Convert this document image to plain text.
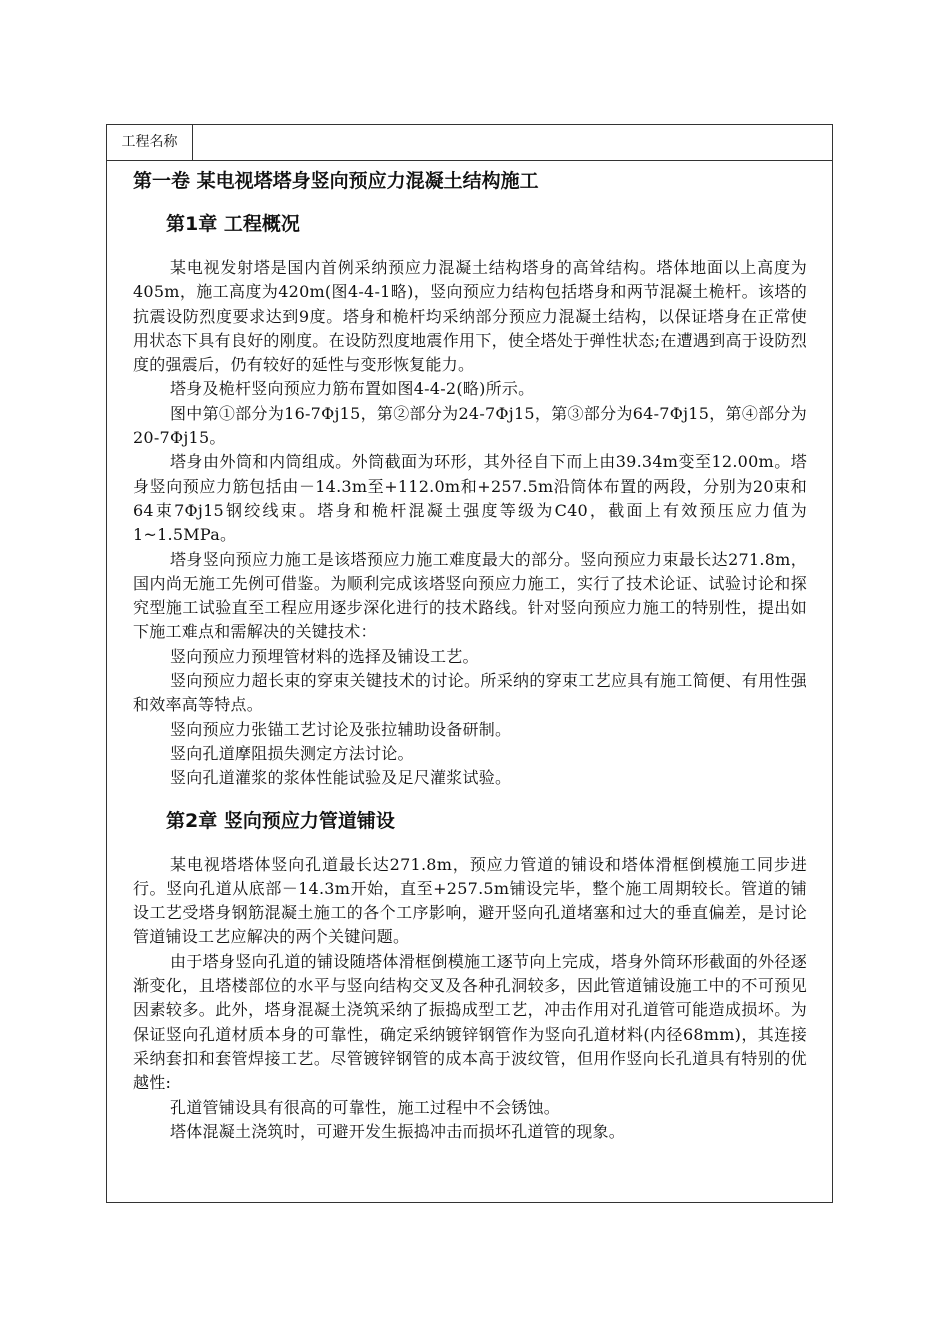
工程名称
第一卷 某电视塔塔身竖向预应力混凝土结构施工
第1章 工程概况

某电视发射塔是国内首例采纳预应力混凝土结构塔身的高耸结构。塔体地面以上高度为405m，施工高度为420m(图4-4-1略)，竖向预应力结构包括塔身和两节混凝土桅杆。该塔的抗震设防烈度要求达到9度。塔身和桅杆均采纳部分预应力混凝土结构，以保证塔身在正常使用状态下具有良好的刚度。在设防烈度地震作用下，使全塔处于弹性状态;在遭遇到高于设防烈度的强震后，仍有较好的延性与变形恢复能力。

塔身及桅杆竖向预应力筋布置如图4-4-2(略)所示。

图中第①部分为16-7Φj15，第②部分为24-7Φj15，第③部分为64-7Φj15，第④部分为20-7Φj15。

塔身由外筒和内筒组成。外筒截面为环形，其外径自下而上由39.34m变至12.00m。塔身竖向预应力筋包括由－14.3m至+112.0m和+257.5m沿筒体布置的两段，分别为20束和64束7Φj15钢绞线束。塔身和桅杆混凝土强度等级为C40，截面上有效预压应力值为1~1.5MPa。

塔身竖向预应力施工是该塔预应力施工难度最大的部分。竖向预应力束最长达271.8m，国内尚无施工先例可借鉴。为顺利完成该塔竖向预应力施工，实行了技术论证、试验讨论和探究型施工试验直至工程应用逐步深化进行的技术路线。针对竖向预应力施工的特别性，提出如下施工难点和需解决的关键技术：

竖向预应力预埋管材料的选择及铺设工艺。

竖向预应力超长束的穿束关键技术的讨论。所采纳的穿束工艺应具有施工简便、有用性强和效率高等特点。

竖向预应力张锚工艺讨论及张拉辅助设备研制。

竖向孔道摩阻损失测定方法讨论。

竖向孔道灌浆的浆体性能试验及足尺灌浆试验。

第2章 竖向预应力管道铺设

某电视塔塔体竖向孔道最长达271.8m，预应力管道的铺设和塔体滑框倒模施工同步进行。竖向孔道从底部－14.3m开始，直至+257.5m铺设完毕，整个施工周期较长。管道的铺设工艺受塔身钢筋混凝土施工的各个工序影响，避开竖向孔道堵塞和过大的垂直偏差，是讨论管道铺设工艺应解决的两个关键问题。

由于塔身竖向孔道的铺设随塔体滑框倒模施工逐节向上完成，塔身外筒环形截面的外径逐渐变化，且塔楼部位的水平与竖向结构交叉及各种孔洞较多，因此管道铺设施工中的不可预见因素较多。此外，塔身混凝土浇筑采纳了振捣成型工艺，冲击作用对孔道管可能造成损坏。为保证竖向孔道材质本身的可靠性，确定采纳镀锌钢管作为竖向孔道材料(内径68mm)，其连接采纳套扣和套管焊接工艺。尽管镀锌钢管的成本高于波纹管，但用作竖向长孔道具有特别的优越性:

孔道管铺设具有很高的可靠性，施工过程中不会锈蚀。

塔体混凝土浇筑时，可避开发生振捣冲击而损坏孔道管的现象。
